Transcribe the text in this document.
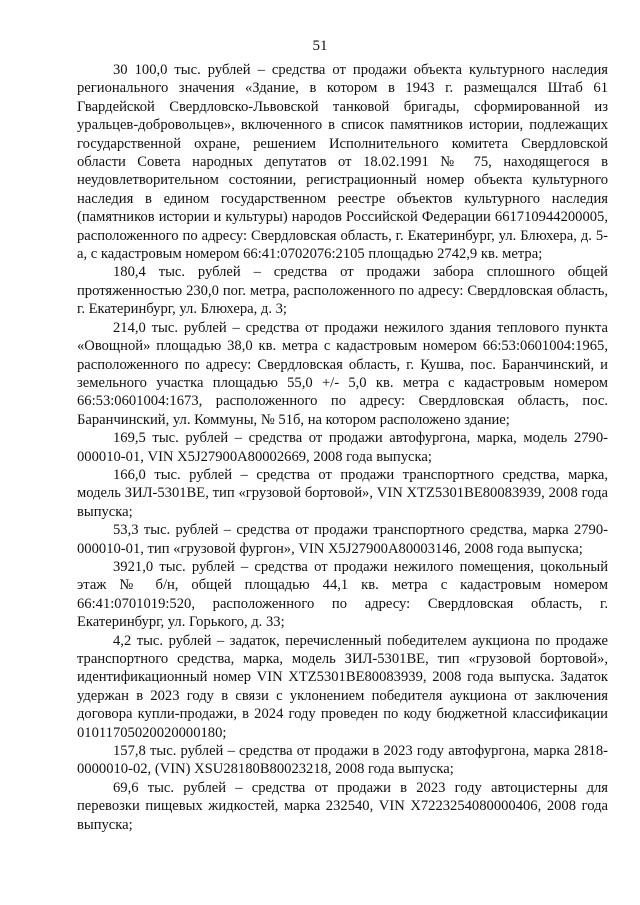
51

30 100,0 тыс. рублей – средства от продажи объекта культурного наследия регионального значения «Здание, в котором в 1943 г. размещался Штаб 61 Гвардейской Свердловско-Львовской танковой бригады, сформированной из уральцев-добровольцев», включенного в список памятников истории, подлежащих государственной охране, решением Исполнительного комитета Свердловской области Совета народных депутатов от 18.02.1991 № 75, находящегося в неудовлетворительном состоянии, регистрационный номер объекта культурного наследия в едином государственном реестре объектов культурного наследия (памятников истории и культуры) народов Российской Федерации 661710944200005, расположенного по адресу: Свердловская область, г. Екатеринбург, ул. Блюхера, д. 5-а, с кадастровым номером 66:41:0702076:2105 площадью 2742,9 кв. метра;

180,4 тыс. рублей – средства от продажи забора сплошного общей протяженностью 230,0 пог. метра, расположенного по адресу: Свердловская область, г. Екатеринбург, ул. Блюхера, д. 3;

214,0 тыс. рублей – средства от продажи нежилого здания теплового пункта «Овощной» площадью 38,0 кв. метра с кадастровым номером 66:53:0601004:1965, расположенного по адресу: Свердловская область, г. Кушва, пос. Баранчинский, и земельного участка площадью 55,0 +/- 5,0 кв. метра с кадастровым номером 66:53:0601004:1673, расположенного по адресу: Свердловская область, пос. Баранчинский, ул. Коммуны, № 51б, на котором расположено здание;

169,5 тыс. рублей – средства от продажи автофургона, марка, модель 2790-000010-01, VIN X5J27900A80002669, 2008 года выпуска;

166,0 тыс. рублей – средства от продажи транспортного средства, марка, модель ЗИЛ-5301ВЕ, тип «грузовой бортовой», VIN XTZ5301BE80083939, 2008 года выпуска;

53,3 тыс. рублей – средства от продажи транспортного средства, марка 2790-000010-01, тип «грузовой фургон», VIN X5J27900A80003146, 2008 года выпуска;

3921,0 тыс. рублей – средства от продажи нежилого помещения, цокольный этаж № б/н, общей площадью 44,1 кв. метра с кадастровым номером 66:41:0701019:520, расположенного по адресу: Свердловская область, г. Екатеринбург, ул. Горького, д. 33;

4,2 тыс. рублей – задаток, перечисленный победителем аукциона по продаже транспортного средства, марка, модель ЗИЛ-5301ВЕ, тип «грузовой бортовой», идентификационный номер VIN XTZ5301BE80083939, 2008 года выпуска. Задаток удержан в 2023 году в связи с уклонением победителя аукциона от заключения договора купли-продажи, в 2024 году проведен по коду бюджетной классификации 01011705020020000180;

157,8 тыс. рублей – средства от продажи в 2023 году автофургона, марка 2818-0000010-02, (VIN) XSU28180B80023218, 2008 года выпуска;

69,6 тыс. рублей – средства от продажи в 2023 году автоцистерны для перевозки пищевых жидкостей, марка 232540, VIN X7223254080000406, 2008 года выпуска;
